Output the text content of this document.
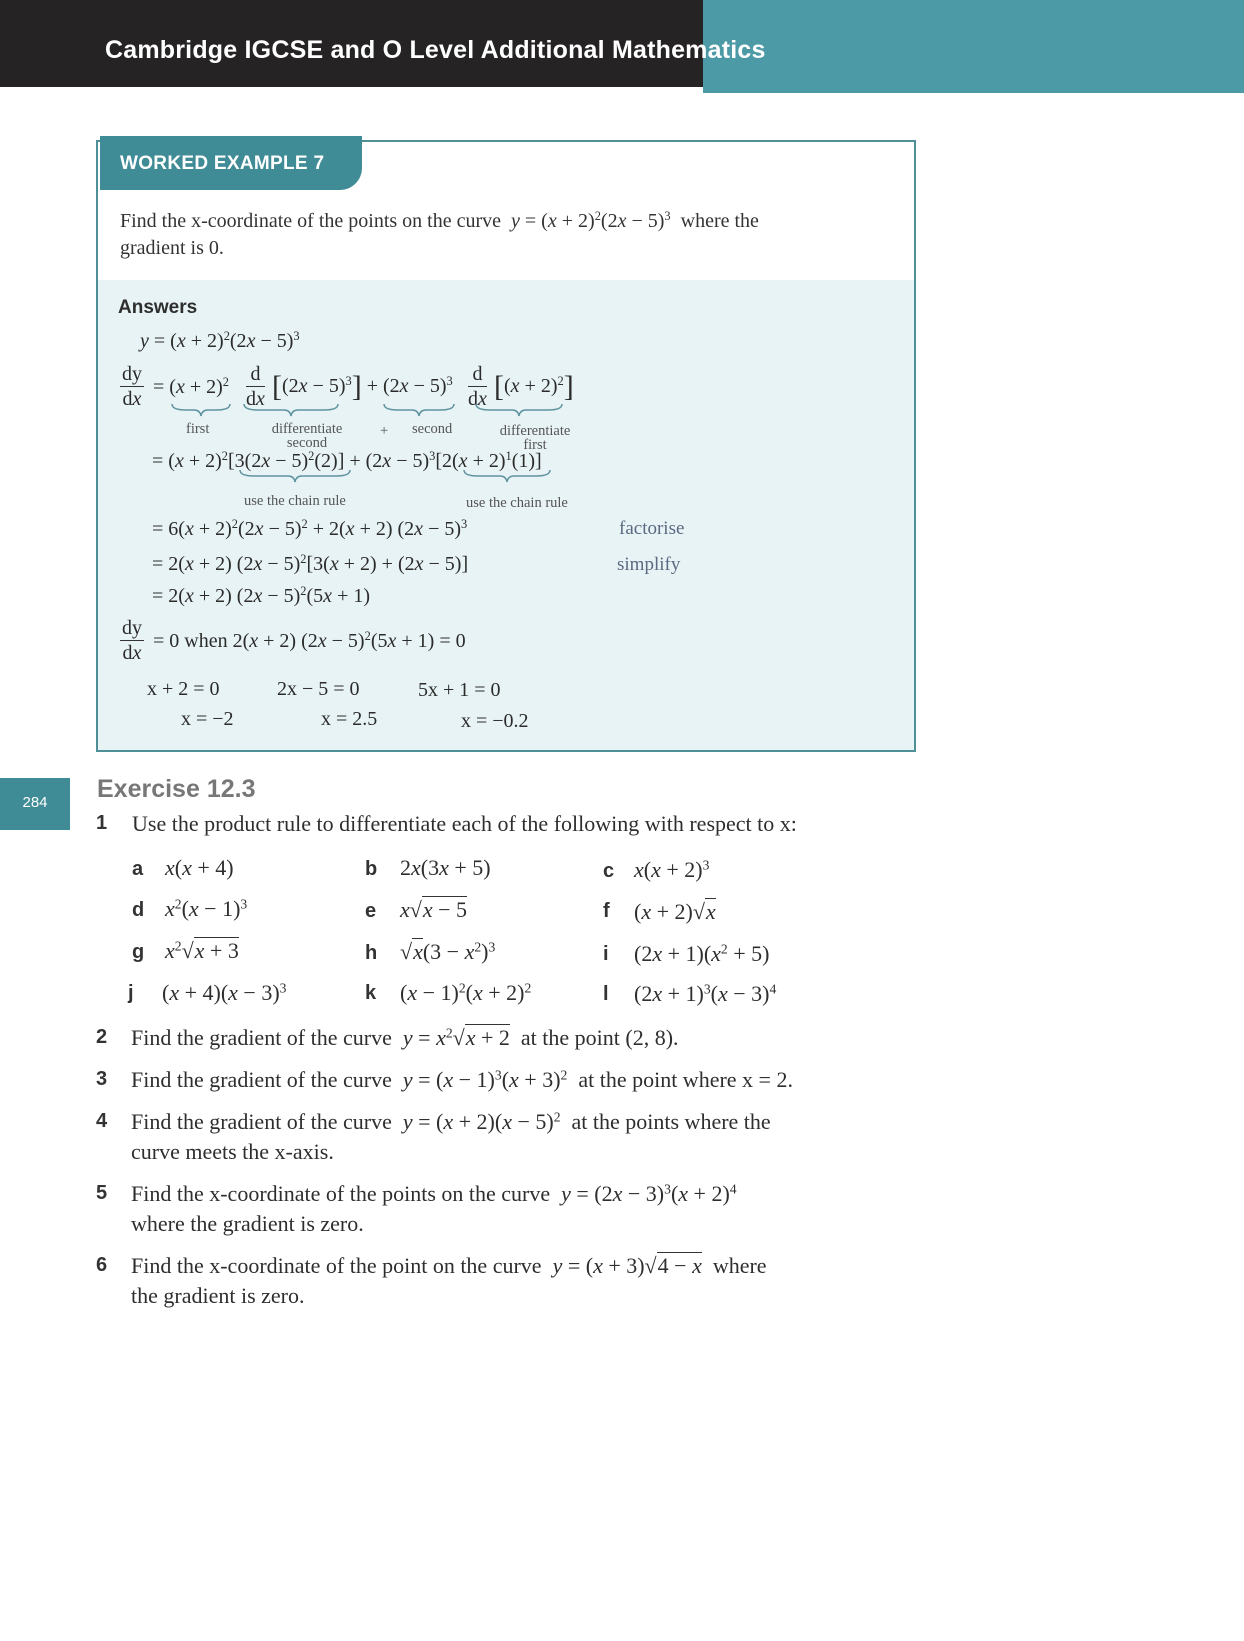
Cambridge IGCSE and O Level Additional Mathematics
WORKED EXAMPLE 7
Find the x-coordinate of the points on the curve $y = (x + 2)^2(2x - 5)^3$ where the
gradient is 0.
Answers
$y = (x + 2)^2(2x - 5)^3$
$\frac{dy}{dx} = (x + 2)^2 \frac{d}{dx} [(2x - 5)^3] + (2x - 5)^3 \frac{d}{dx} [(x + 2)^2]$
first	differentiate second
+ second	differentiate first
= $(x + 2)^2[3(2x - 5)^2(2)] + (2x - 5)^3[2(x + 2)^1(1)]$
use the chain rule	use the chain rule
= $6(x + 2)^2(2x - 5)^2 + 2(x + 2)$ $(2x - 5)^3$	factorise
= 2(x + 2) $(2x - 5)^2[3(x + 2) + (2x - 5)]$	simplify
= 2(x + 2) $(2x - 5)^2(5x + 1)$
$\frac{dy}{dx} = 0$ when 2(x + 2) $(2x - 5)^2(5x + 1) = 0$
x + 2 = 0	2x − 5 = 0	5x + 1 = 0
x = −2	x = 2.5	x = −0.2
284	Exercise 12.3
1 Use the product rule to differentiate each of the following with respect to x:
a x(x + 4)	b 2x(3x + 5)	c $x(x + 2)^3$
d $x^2(x - 1)^3$	e x√x − 5	f (x + 2)√x
g $x^2√x + 3$	h $√x(3 - x^2)^3$	i $(2x + 1)(x^2 + 5)$
j $(x + 4)(x - 3)^3$	k $(x - 1)^2(x + 2)^2$	l $(2x + 1)^3(x - 3)^4$
2 Find the gradient of the curve $y = x^2√x + 2$ at the point (2, 8).
3 Find the gradient of the curve $y = (x - 1)^3(x + 3)^2$ at the point where x = 2.
4 Find the gradient of the curve $y = (x + 2)(x - 5)^2$ at the points where the
curve meets the x-axis.
5 Find the x-coordinate of the points on the curve $y = (2x - 3)^3(x + 2)^4$
where the gradient is zero.
6 Find the x-coordinate of the point on the curve y = (x + 3)√4 − x where
the gradient is zero.
